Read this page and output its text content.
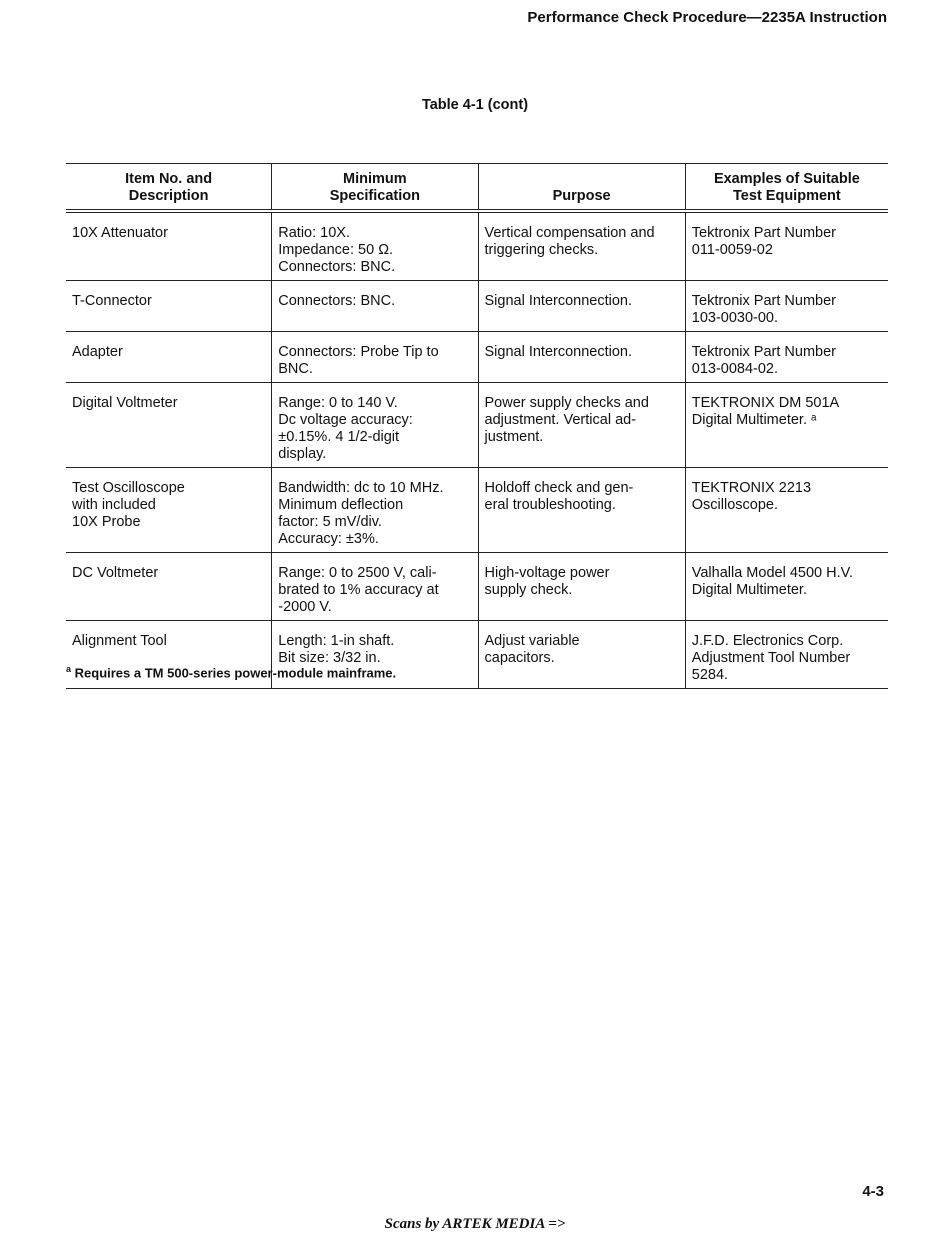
Performance Check Procedure—2235A Instruction
Table 4-1 (cont)
Item No. and
Description	Minimum
Specification	Purpose	Examples of Suitable
Test Equipment

10X Attenuator	Ratio: 10X.
Impedance: 50 Ω.
Connectors: BNC.	Vertical compensation and
triggering checks.	Tektronix Part Number
011-0059-02

T-Connector	Connectors: BNC.	Signal Interconnection.	Tektronix Part Number
103-0030-00.

Adapter	Connectors: Probe Tip to
BNC.	Signal Interconnection.	Tektronix Part Number
013-0084-02.

Digital Voltmeter	Range: 0 to 140 V.
Dc voltage accuracy:
±0.15%. 4 1/2-digit
display.	Power supply checks and
adjustment. Vertical ad-
justment.	TEKTRONIX DM 501A
Digital Multimeter. ᵃ

Test Oscilloscope
with included
10X Probe	Bandwidth: dc to 10 MHz.
Minimum deflection
factor: 5 mV/div.
Accuracy: ±3%.	Holdoff check and gen-
eral troubleshooting.	TEKTRONIX 2213
Oscilloscope.

DC Voltmeter	Range: 0 to 2500 V, cali-
brated to 1% accuracy at
-2000 V.	High-voltage power
supply check.	Valhalla Model 4500 H.V.
Digital Multimeter.

Alignment Tool	Length: 1-in shaft.
Bit size: 3/32 in.	Adjust variable
capacitors.	J.F.D. Electronics Corp.
Adjustment Tool Number
5284.
$^a$ Requires a TM 500-series power-module mainframe.
4-3
Scans by ARTEK MEDIA =>
